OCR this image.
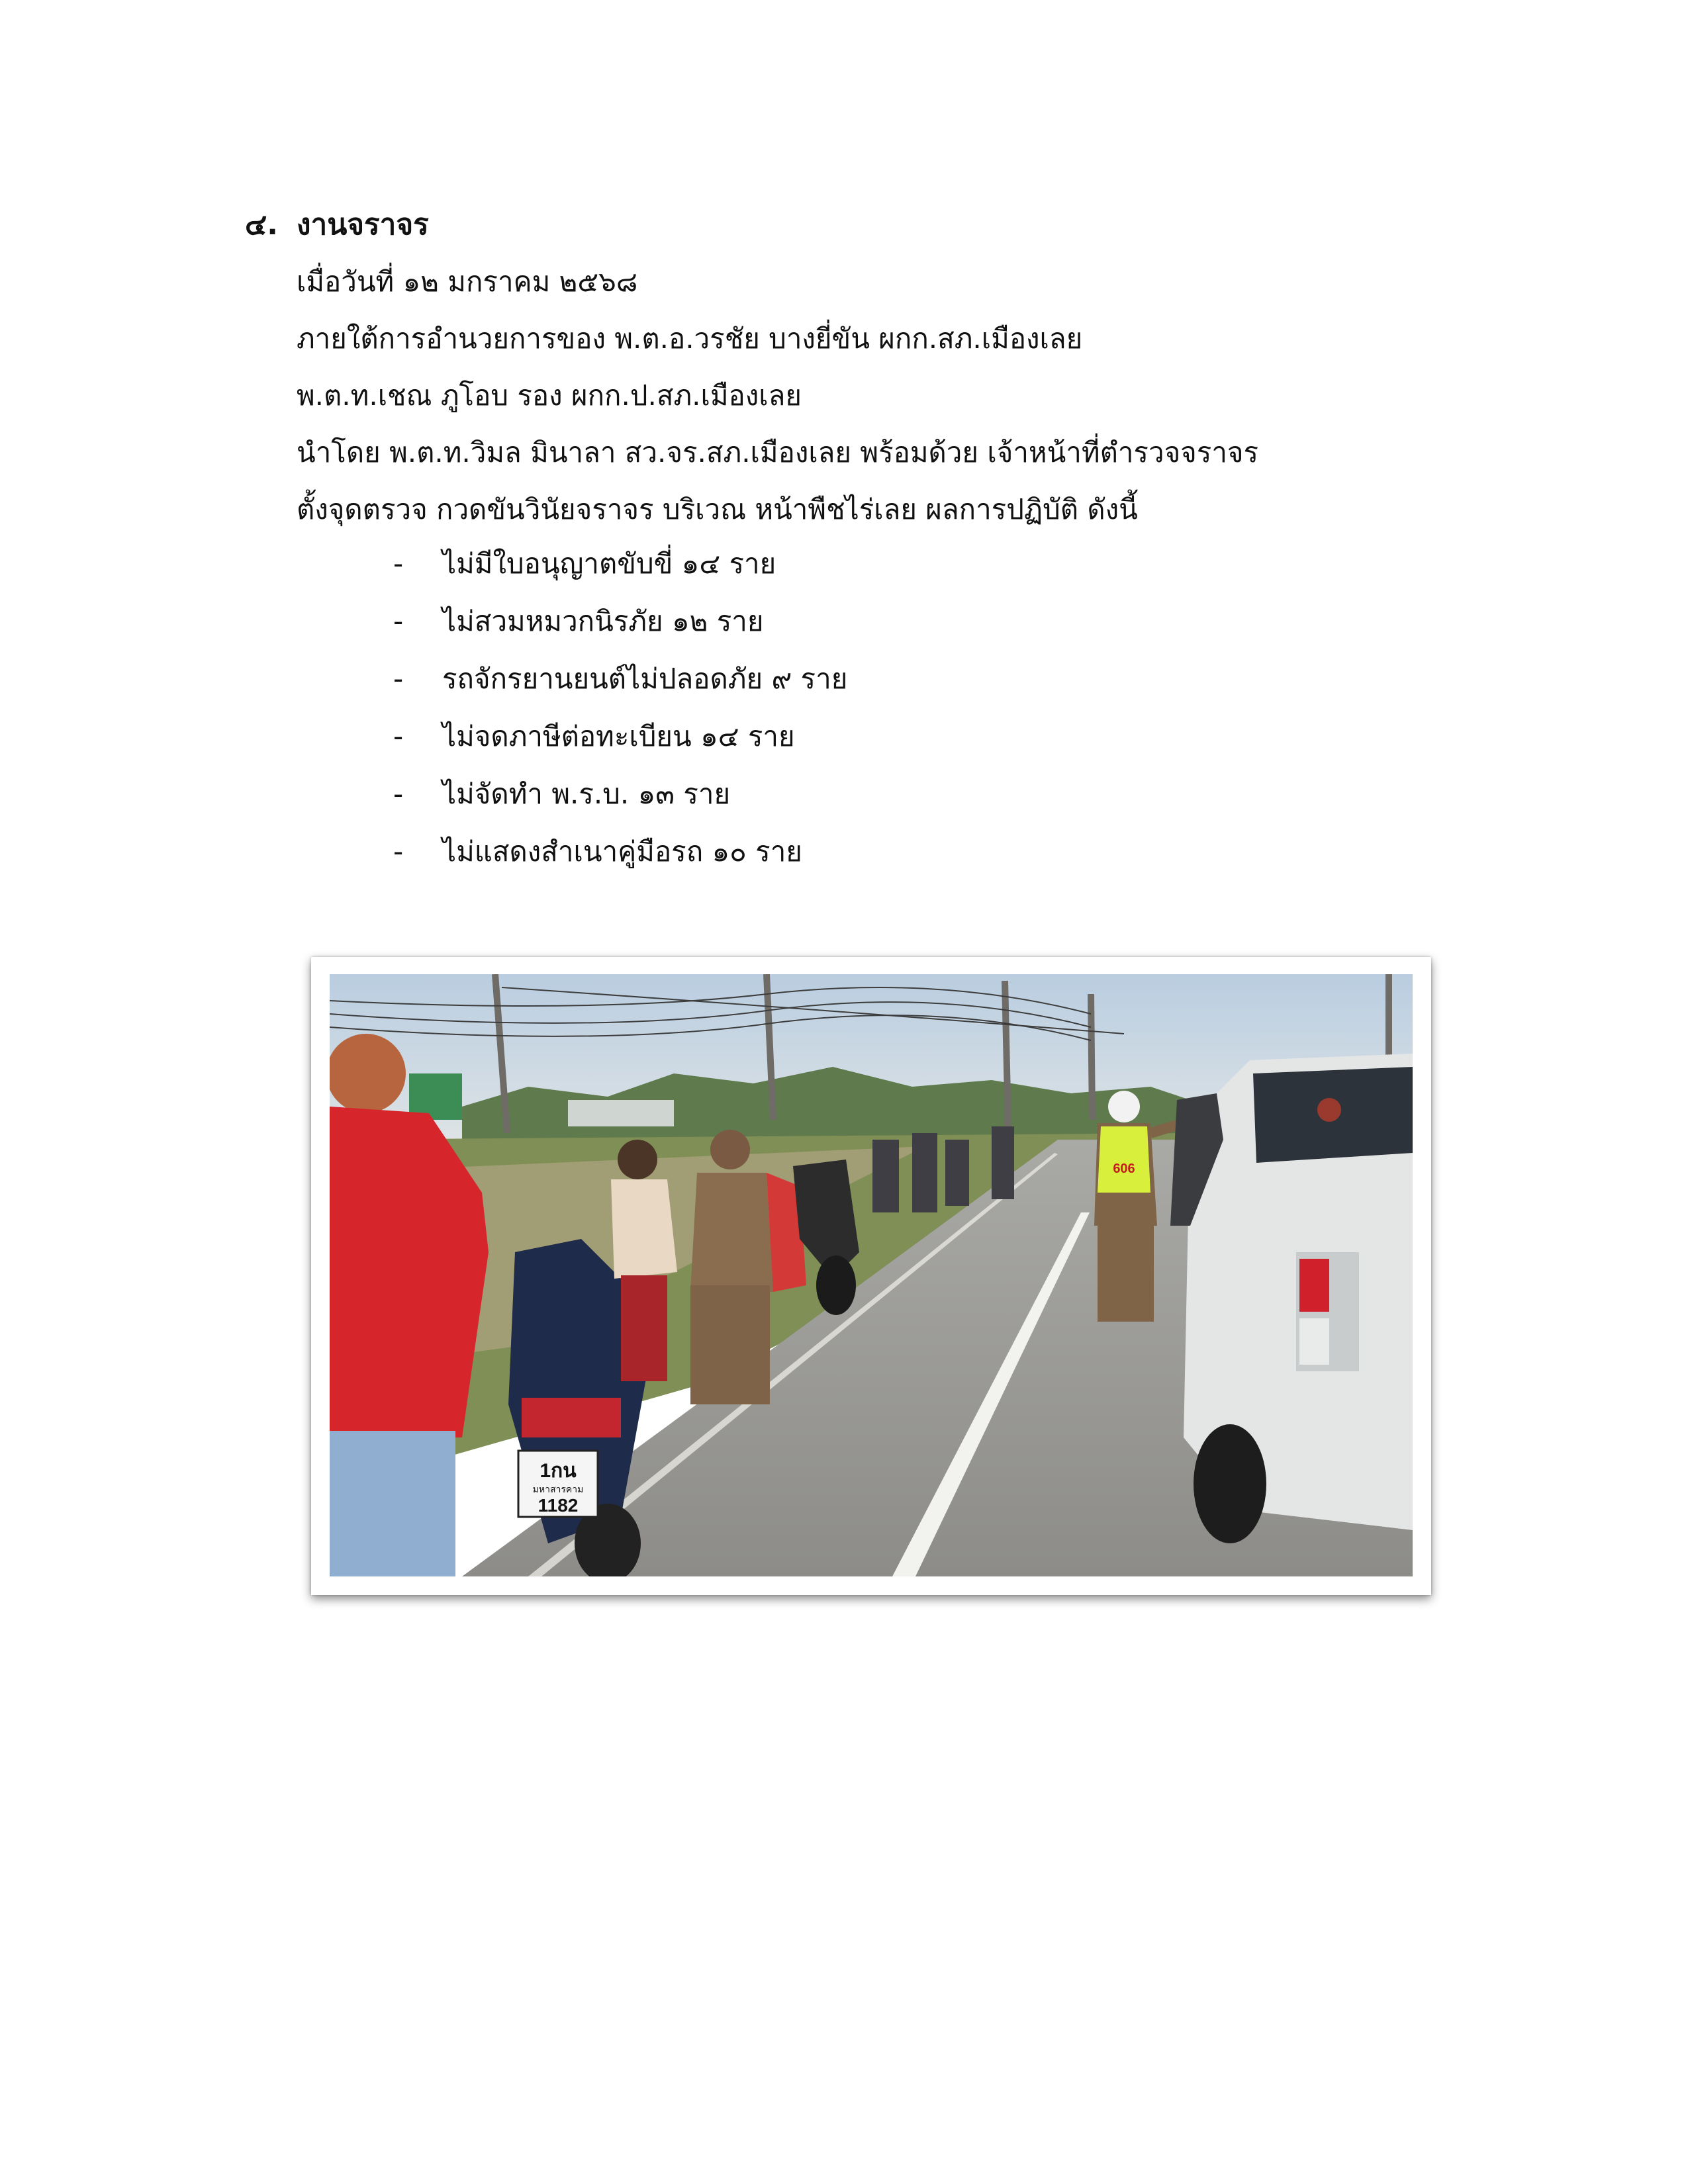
๔. งานจราจร
เมื่อวันที่ ๑๒ มกราคม ๒๕๖๘
ภายใต้การอำนวยการของ พ.ต.อ.วรชัย บางยี่ขัน ผกก.สภ.เมืองเลย
พ.ต.ท.เชณ ภูโอบ รอง ผกก.ป.สภ.เมืองเลย
นำโดย พ.ต.ท.วิมล มินาลา สว.จร.สภ.เมืองเลย พร้อมด้วย เจ้าหน้าที่ตำรวจจราจร
ตั้งจุดตรวจ กวดขันวินัยจราจร บริเวณ หน้าพืชไร่เลย ผลการปฏิบัติ ดังนี้
- ไม่มีใบอนุญาตขับขี่ ๑๔ ราย
- ไม่สวมหมวกนิรภัย ๑๒ ราย
- รถจักรยานยนต์ไม่ปลอดภัย ๙ ราย
- ไม่จดภาษีต่อทะเบียน ๑๔ ราย
- ไม่จัดทำ พ.ร.บ. ๑๓ ราย
- ไม่แสดงสำเนาคู่มือรถ ๑๐ ราย
1กน
มหาสารคาม
1182
606
